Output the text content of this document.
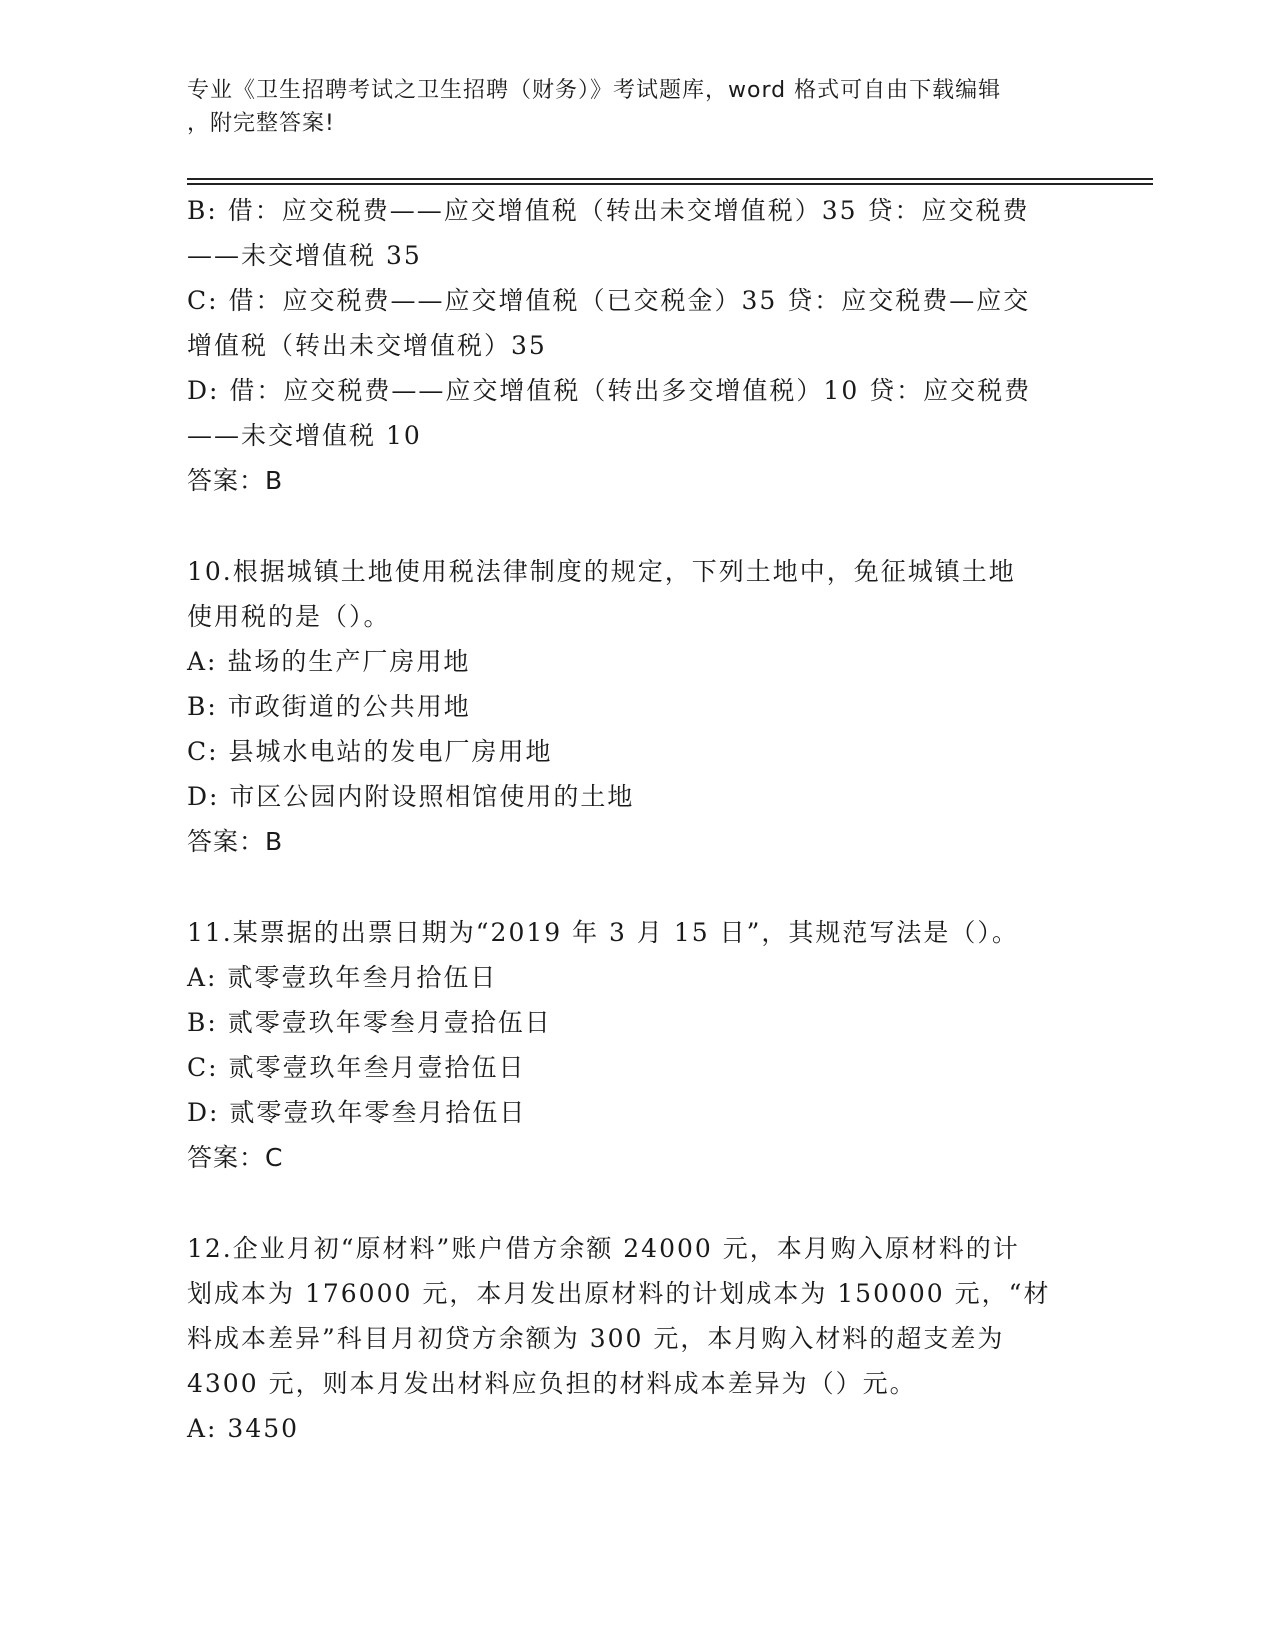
专业《卫生招聘考试之卫生招聘（财务）》考试题库，word 格式可自由下载编辑
，附完整答案!
B: 借：应交税费——应交增值税（转出未交增值税）35 贷：应交税费
——未交增值税 35
C: 借：应交税费——应交增值税（已交税金）35 贷：应交税费—应交
增值税（转出未交增值税）35
D: 借：应交税费——应交增值税（转出多交增值税）10 贷：应交税费
——未交增值税 10
答案：B
10.根据城镇土地使用税法律制度的规定，下列土地中，免征城镇土地
使用税的是（）。
A: 盐场的生产厂房用地
B: 市政街道的公共用地
C: 县城水电站的发电厂房用地
D: 市区公园内附设照相馆使用的土地
答案：B
11.某票据的出票日期为“2019 年 3 月 15 日”，其规范写法是（）。
A: 贰零壹玖年叁月拾伍日
B: 贰零壹玖年零叁月壹拾伍日
C: 贰零壹玖年叁月壹拾伍日
D: 贰零壹玖年零叁月拾伍日
答案：C
12.企业月初“原材料”账户借方余额 24000 元，本月购入原材料的计
划成本为 176000 元，本月发出原材料的计划成本为 150000 元，“材
料成本差异”科目月初贷方余额为 300 元，本月购入材料的超支差为
4300 元，则本月发出材料应负担的材料成本差异为（）元。
A: 3450
